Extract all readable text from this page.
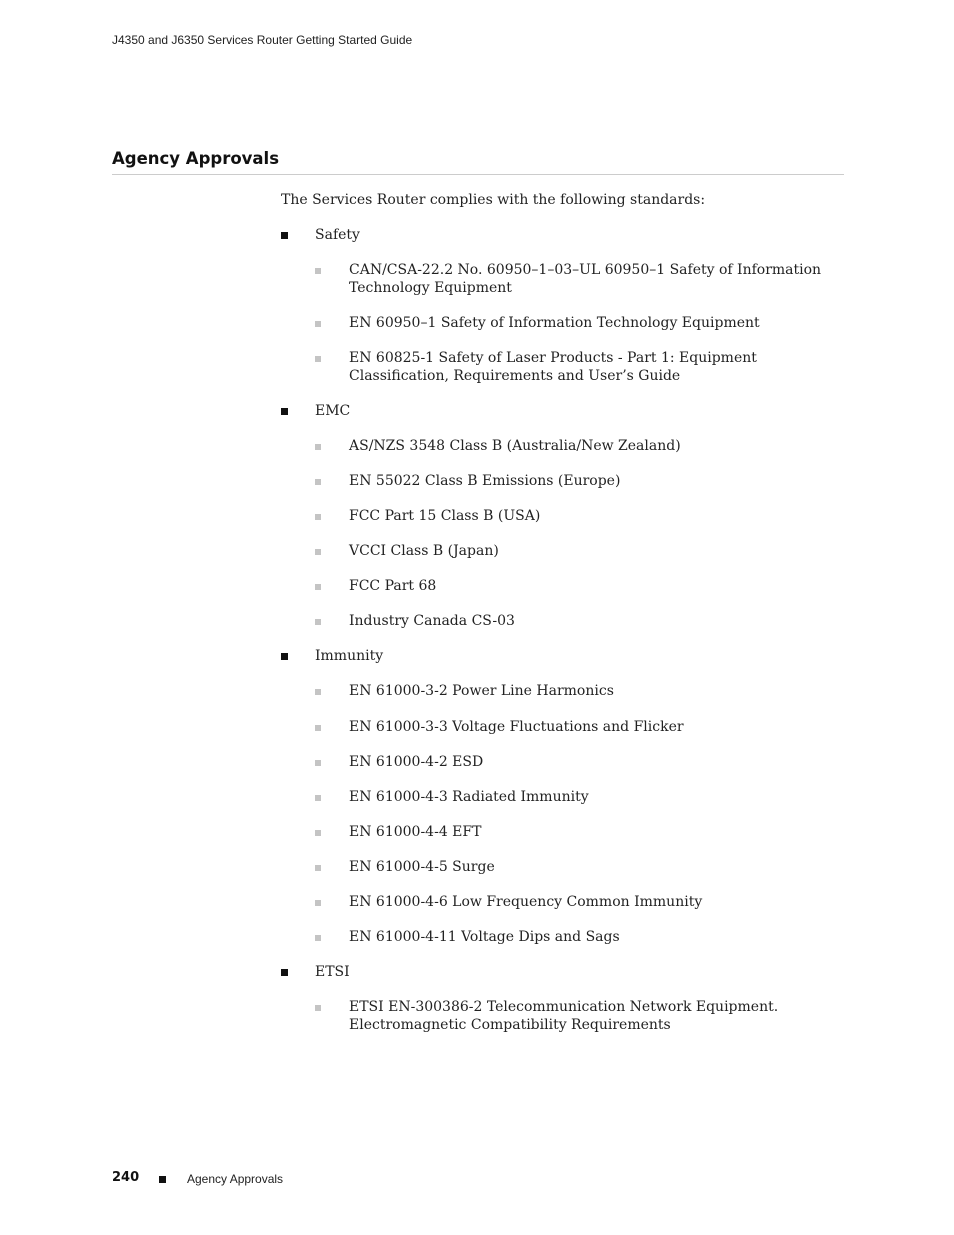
J4350 and J6350 Services Router Getting Started Guide
Agency Approvals
The Services Router complies with the following standards:
Safety
CAN/CSA-22.2 No. 60950–1–03–UL 60950–1 Safety of Information Technology Equipment
EN 60950–1 Safety of Information Technology Equipment
EN 60825-1 Safety of Laser Products - Part 1: Equipment Classification, Requirements and User’s Guide
EMC
AS/NZS 3548 Class B (Australia/New Zealand)
EN 55022 Class B Emissions (Europe)
FCC Part 15 Class B (USA)
VCCI Class B (Japan)
FCC Part 68
Industry Canada CS-03
Immunity
EN 61000-3-2 Power Line Harmonics
EN 61000-3-3 Voltage Fluctuations and Flicker
EN 61000-4-2 ESD
EN 61000-4-3 Radiated Immunity
EN 61000-4-4 EFT
EN 61000-4-5 Surge
EN 61000-4-6 Low Frequency Common Immunity
EN 61000-4-11 Voltage Dips and Sags
ETSI
ETSI EN-300386-2 Telecommunication Network Equipment. Electromagnetic Compatibility Requirements
240	Agency Approvals
